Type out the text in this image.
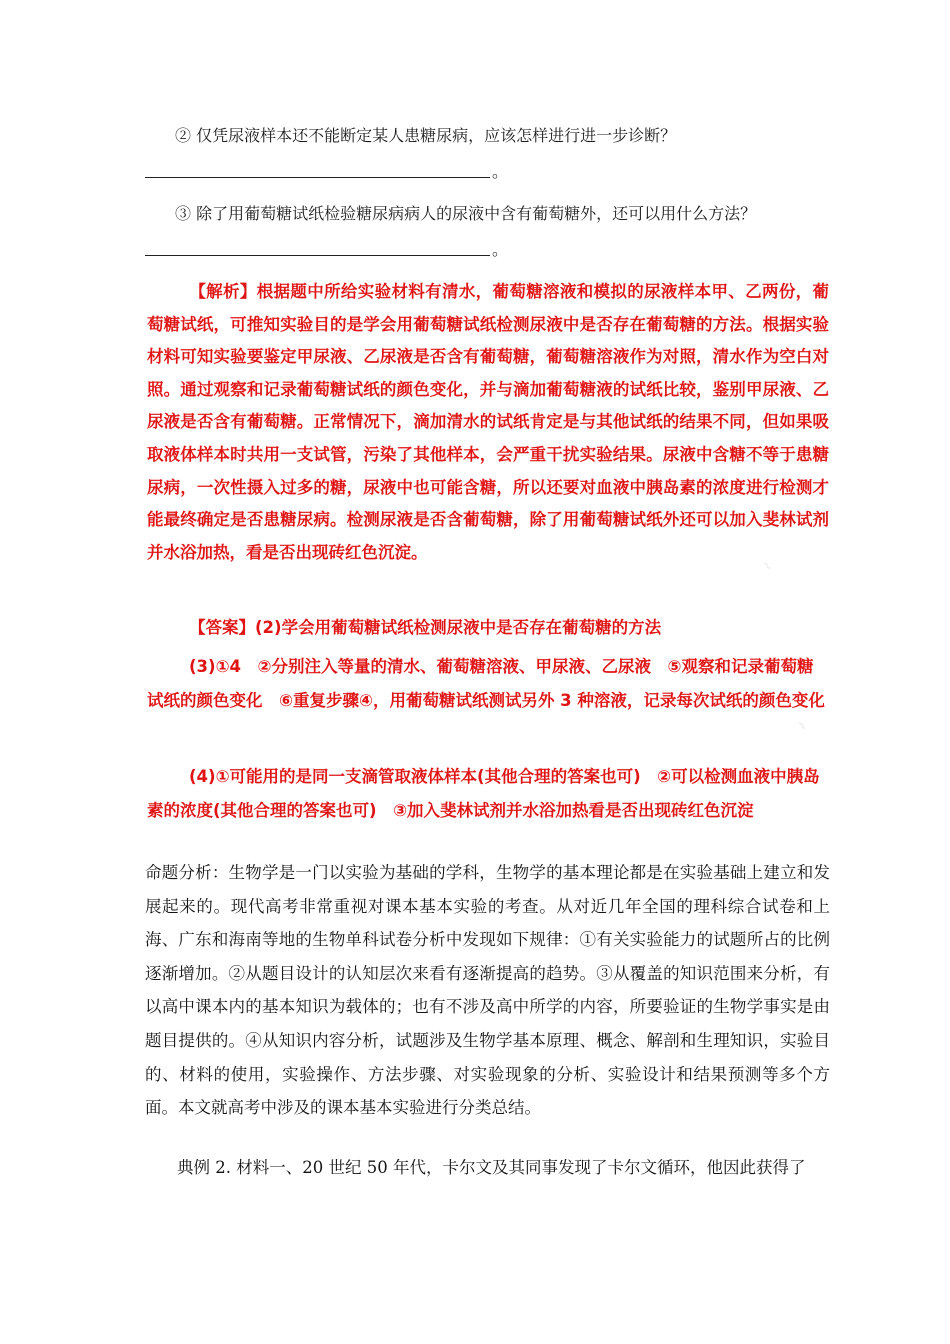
② 仅凭尿液样本还不能断定某人患糖尿病，应该怎样进行进一步诊断？
。
③ 除了用葡萄糖试纸检验糖尿病病人的尿液中含有葡萄糖外，还可以用什么方法？
。

【解析】根据题中所给实验材料有清水，葡萄糖溶液和模拟的尿液样本甲、乙两份，葡萄糖试纸，可推知实验目的是学会用葡萄糖试纸检测尿液中是否存在葡萄糖的方法。根据实验材料可知实验要鉴定甲尿液、乙尿液是否含有葡萄糖，葡萄糖溶液作为对照，清水作为空白对照。通过观察和记录葡萄糖试纸的颜色变化，并与滴加葡萄糖液的试纸比较，鉴别甲尿液、乙尿液是否含有葡萄糖。正常情况下，滴加清水的试纸肯定是与其他试纸的结果不同，但如果吸取液体样本时共用一支试管，污染了其他样本，会严重干扰实验结果。尿液中含糖不等于患糖尿病，一次性摄入过多的糖，尿液中也可能含糖，所以还要对血液中胰岛素的浓度进行检测才能最终确定是否患糖尿病。检测尿液是否含葡萄糖，除了用葡萄糖试纸外还可以加入斐林试剂并水浴加热，看是否出现砖红色沉淀。

【答案】(2)学会用葡萄糖试纸检测尿液中是否存在葡萄糖的方法
(3)①4　②分别注入等量的清水、葡萄糖溶液、甲尿液、乙尿液　⑤观察和记录葡萄糖试纸的颜色变化　⑥重复步骤④，用葡萄糖试纸测试另外 3 种溶液，记录每次试纸的颜色变化
(4)①可能用的是同一支滴管取液体样本(其他合理的答案也可)　②可以检测血液中胰岛素的浓度(其他合理的答案也可)　③加入斐林试剂并水浴加热看是否出现砖红色沉淀
命题分析：生物学是一门以实验为基础的学科，生物学的基本理论都是在实验基础上建立和发展起来的。现代高考非常重视对课本基本实验的考查。从对近几年全国的理科综合试卷和上海、广东和海南等地的生物单科试卷分析中发现如下规律：①有关实验能力的试题所占的比例逐渐增加。②从题目设计的认知层次来看有逐渐提高的趋势。③从覆盖的知识范围来分析，有以高中课本内的基本知识为载体的；也有不涉及高中所学的内容，所要验证的生物学事实是由题目提供的。④从知识内容分析，试题涉及生物学基本原理、概念、解剖和生理知识，实验目的、材料的使用，实验操作、方法步骤、对实验现象的分析、实验设计和结果预测等多个方面。本文就高考中涉及的课本基本实验进行分类总结。
典例 2. 材料一、20 世纪 50 年代，卡尔文及其同事发现了卡尔文循环，他因此获得了
⌇
⌇
